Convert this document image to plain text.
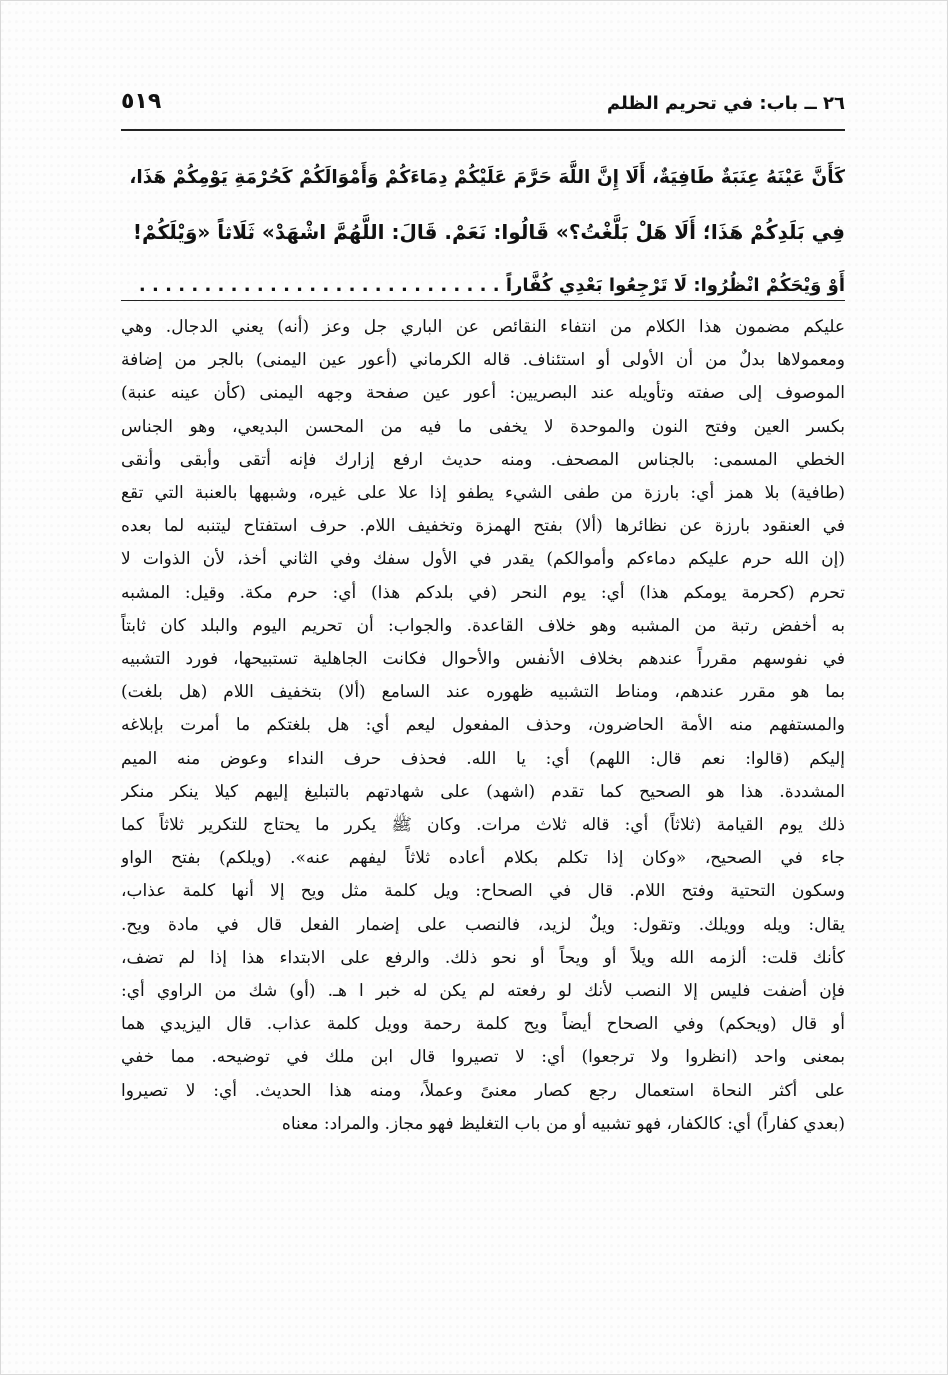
٢٦ ــ باب: في تحريم الظلم
٥١٩

كَأَنَّ عَيْنَهُ عِنَبَةٌ طَافِيَةٌ، أَلَا إِنَّ اللَّهَ حَرَّمَ عَلَيْكُمْ دِمَاءَكُمْ وَأَمْوَالَكُمْ كَحُرْمَةِ يَوْمِكُمْ هَذَا،

فِي بَلَدِكُمْ هَذَا؛ أَلَا هَلْ بَلَّغْتُ؟» قَالُوا: نَعَمْ. قَالَ: اللَّهُمَّ اشْهَدْ» ثَلَاثاً «وَيْلَكُمْ!

أَوْ وَيْحَكُمْ انْظُرُوا: لَا تَرْجِعُوا بَعْدِي كُفَّاراً . . . . . . . . . . . . . . . . . . . . . . . . . . . .

عليكم مضمون هذا الكلام من انتفاء النقائص عن الباري جل وعز (أنه) يعني الدجال. وهي

ومعمولاها بدلٌ من أن الأولى أو استئناف. قاله الكرماني (أعور عين اليمنى) بالجر من إضافة

الموصوف إلى صفته وتأويله عند البصريين: أعور عين صفحة وجهه اليمنى (كأن عينه عنبة)

بكسر العين وفتح النون والموحدة لا يخفى ما فيه من المحسن البديعي، وهو الجناس

الخطي المسمى: بالجناس المصحف. ومنه حديث ارفع إزارك فإنه أتقى وأبقى وأنقى

(طافية) بلا همز أي: بارزة من طفى الشيء يطفو إذا علا على غيره، وشبهها بالعنبة التي تقع

في العنقود بارزة عن نظائرها (ألا) بفتح الهمزة وتخفيف اللام. حرف استفتاح ليتنبه لما بعده

(إن الله حرم عليكم دماءكم وأموالكم) يقدر في الأول سفك وفي الثاني أخذ، لأن الذوات لا

تحرم (كحرمة يومكم هذا) أي: يوم النحر (في بلدكم هذا) أي: حرم مكة. وقيل: المشبه

به أخفض رتبة من المشبه وهو خلاف القاعدة. والجواب: أن تحريم اليوم والبلد كان ثابتاً

في نفوسهم مقرراً عندهم بخلاف الأنفس والأحوال فكانت الجاهلية تستبيحها، فورد التشبيه

بما هو مقرر عندهم، ومناط التشبيه ظهوره عند السامع (ألا) بتخفيف اللام (هل بلغت)

والمستفهم منه الأمة الحاضرون، وحذف المفعول ليعم أي: هل بلغتكم ما أمرت بإبلاغه

إليكم (قالوا: نعم قال: اللهم) أي: يا الله. فحذف حرف النداء وعوض منه الميم

المشددة. هذا هو الصحيح كما تقدم (اشهد) على شهادتهم بالتبليغ إليهم كيلا ينكر منكر

ذلك يوم القيامة (ثلاثاً) أي: قاله ثلاث مرات. وكان ﷺ يكرر ما يحتاج للتكرير ثلاثاً كما

جاء في الصحيح، «وكان إذا تكلم بكلام أعاده ثلاثاً ليفهم عنه». (ويلكم) بفتح الواو

وسكون التحتية وفتح اللام. قال في الصحاح: ويل كلمة مثل ويح إلا أنها كلمة عذاب،

يقال: ويله وويلك. وتقول: ويلٌ لزيد، فالنصب على إضمار الفعل قال في مادة ويح.

كأنك قلت: ألزمه الله ويلاً أو ويحاً أو نحو ذلك. والرفع على الابتداء هذا إذا لم تضف،

فإن أضفت فليس إلا النصب لأنك لو رفعته لم يكن له خبر ا هـ. (أو) شك من الراوي أي:

أو قال (ويحكم) وفي الصحاح أيضاً ويح كلمة رحمة وويل كلمة عذاب. قال اليزيدي هما

بمعنى واحد (انظروا ولا ترجعوا) أي: لا تصيروا قال ابن ملك في توضيحه. مما خفي

على أكثر النحاة استعمال رجع كصار معنىً وعملاً، ومنه هذا الحديث. أي: لا تصيروا

(بعدي كفاراً) أي: كالكفار، فهو تشبيه أو من باب التغليظ فهو مجاز. والمراد: معناه
